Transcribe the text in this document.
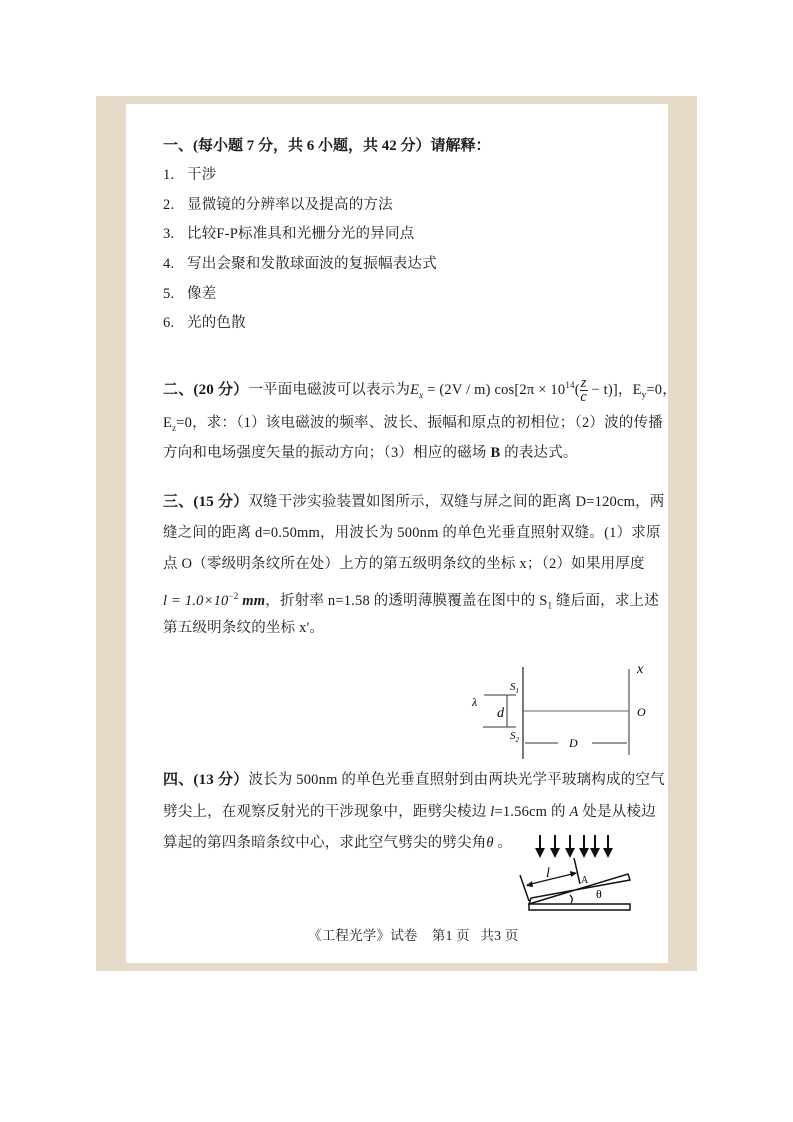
一、(每小题 7 分，共 6 小题，共 42 分）请解释：
1. 干涉
2. 显微镜的分辨率以及提高的方法
3. 比较F-P标准具和光栅分光的异同点
4. 写出会聚和发散球面波的复振幅表达式
5. 像差
6. 光的色散
二、(20 分）一平面电磁波可以表示为$E_x = (2V / m) \cos[2\pi \times 10^{14}( \frac{z}{c} - t)]$，$E_y=0$，
$E_z=0$，求：（1）该电磁波的频率、波长、振幅和原点的初相位；（2）波的传播
方向和电场强度矢量的振动方向；（3）相应的磁场 B 的表达式。
三、(15 分）双缝干涉实验装置如图所示，双缝与屏之间的距离 D=120cm，两
缝之间的距离 d=0.50mm，用波长为 500nm 的单色光垂直照射双缝。(1）求原
点 O（零级明条纹所在处）上方的第五级明条纹的坐标 x；（2）如果用厚度
$l = 1.0\times 10^{-2}$ mm，折射率 n=1.58 的透明薄膜覆盖在图中的 $S_1$ 缝后面，求上述
第五级明条纹的坐标 x'。
x
$S_1$
$S_2$
λ
d	O
D
四、(13 分）波长为 500nm 的单色光垂直照射到由两块光学平玻璃构成的空气
劈尖上，在观察反射光的干涉现象中，距劈尖棱边 l=1.56cm 的 A 处是从棱边
算起的第四条暗条纹中心，求此空气劈尖的劈尖角θ 。
l	A
θ
《工程光学》试卷    第1 页   共3 页
